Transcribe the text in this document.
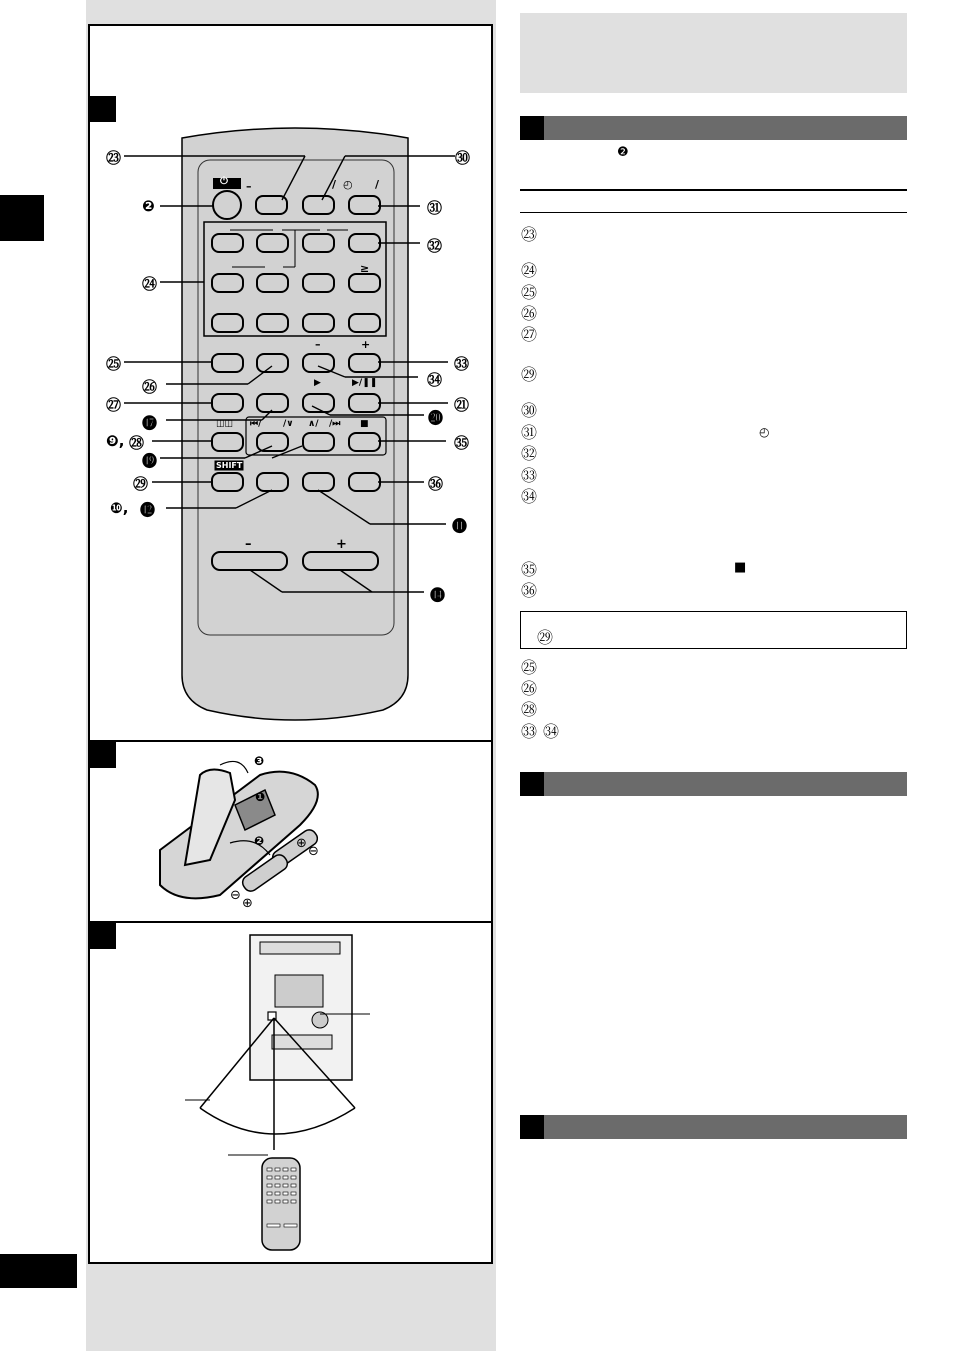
⏻ –	/ ◴ /
≥
–	+
▶	▶/❚❚
◫◫ ⏮/ /∨ ∧/ /⏭ ■
SHIFT
–	+
㉓	㉚
❷	㉛
㉜
㉔
㉕	㉝
㉖	㉞
㉗	㉑
⓱	⓴
❾, ㉘	㉟
⓳
㉙	㊱
❿, ⓬
⓫
⓮
❶
❷
❸
⊕
⊖
⊖
⊕
❷
㉓
㉔
㉕
㉖
㉗
㉙
㉚
㉛	◴
㉜
㉝
㉞
㉟	■
㊱
㉙
㉕
㉖
㉘
㉝ ㉞
